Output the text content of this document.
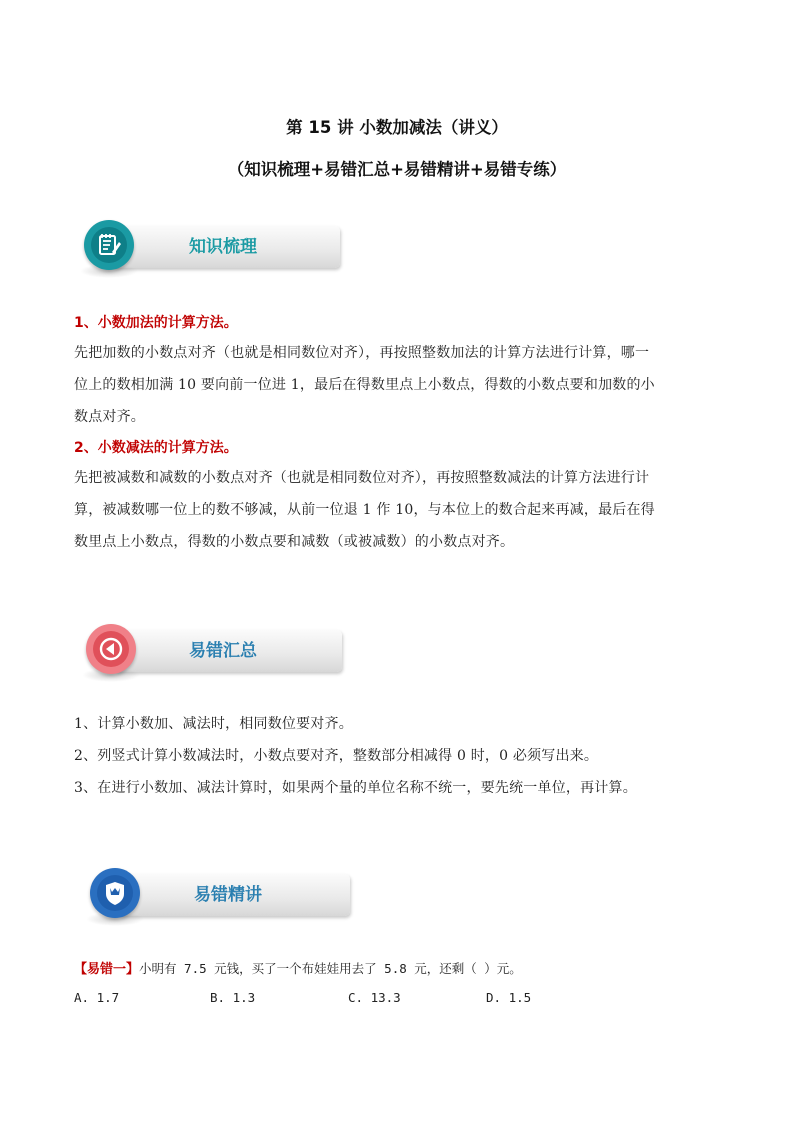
第 15 讲 小数加减法（讲义）
（知识梳理+易错汇总+易错精讲+易错专练）
知识梳理
1、小数加法的计算方法。
先把加数的小数点对齐（也就是相同数位对齐），再按照整数加法的计算方法进行计算，哪一
位上的数相加满 10 要向前一位进 1，最后在得数里点上小数点，得数的小数点要和加数的小
数点对齐。
2、小数减法的计算方法。
先把被减数和减数的小数点对齐（也就是相同数位对齐），再按照整数减法的计算方法进行计
算，被减数哪一位上的数不够减，从前一位退 1 作 10，与本位上的数合起来再减，最后在得
数里点上小数点，得数的小数点要和减数（或被减数）的小数点对齐。
易错汇总
1、计算小数加、减法时，相同数位要对齐。
2、列竖式计算小数减法时，小数点要对齐，整数部分相减得 0 时，0 必须写出来。
3、在进行小数加、减法计算时，如果两个量的单位名称不统一，要先统一单位，再计算。
易错精讲
【易错一】小明有 7.5 元钱，买了一个布娃娃用去了 5.8 元，还剩（ ）元。
A. 1.7	B. 1.3	C. 13.3	D. 1.5
